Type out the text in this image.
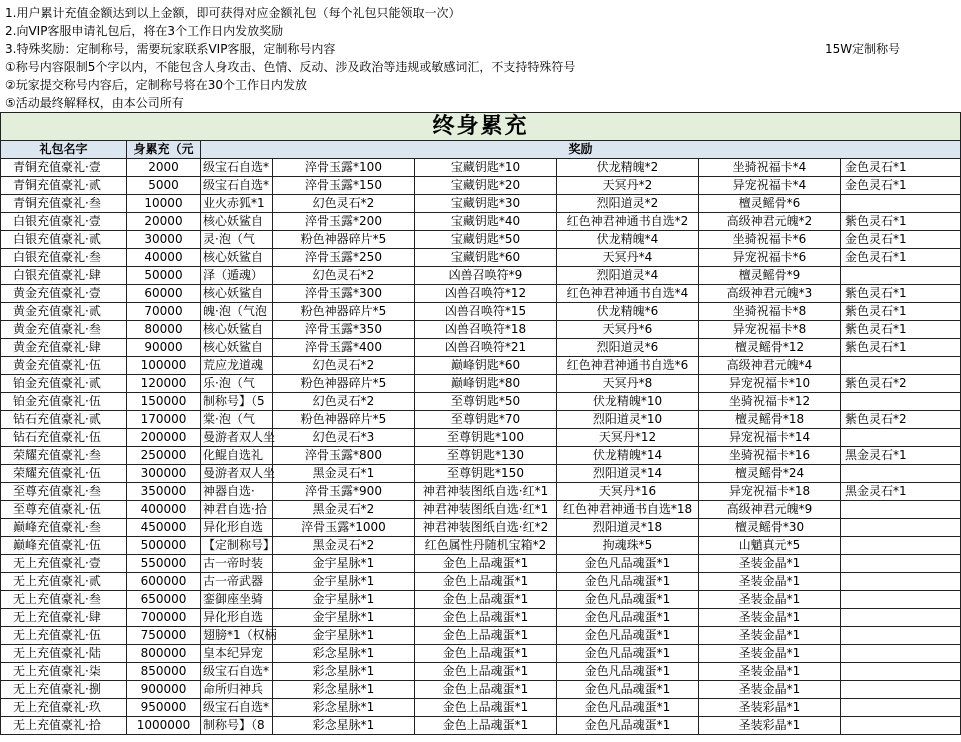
1.用户累计充值金额达到以上金额，即可获得对应金额礼包（每个礼包只能领取一次）
2.向VIP客服申请礼包后，将在3个工作日内发放奖励
3.特殊奖励：定制称号，需要玩家联系VIP客服，定制称号内容
①称号内容限制5个字以内，不能包含人身攻击、色情、反动、涉及政治等违规或敏感词汇，不支持特殊符号
②玩家提交称号内容后，定制称号将在30个工作日内发放
⑤活动最终解释权，由本公司所有
15W定制称号
终身累充							
礼包名字	身累充（元	奖励					
青铜充值豪礼·壹	2000	级宝石自选*	淬骨玉露*100	宝藏钥匙*10	伏龙精魄*2	坐骑祝福卡*4	金色灵石*1
青铜充值豪礼·贰	5000	级宝石自选*	淬骨玉露*150	宝藏钥匙*20	天冥丹*2	异宠祝福卡*4	金色灵石*1
青铜充值豪礼·叁	10000	业火赤狐*1	幻色灵石*2	宝藏钥匙*30	烈阳道灵*2	檀灵鳐骨*6	
白银充值豪礼·壹	20000	核心妖鲨自	淬骨玉露*200	宝藏钥匙*40	红色神君神通书自选*2	高级神君元魄*2	紫色灵石*1
白银充值豪礼·贰	30000	灵·泡（气	粉色神器碎片*5	宝藏钥匙*50	伏龙精魄*4	坐骑祝福卡*6	金色灵石*1
白银充值豪礼·叁	40000	核心妖鲨自	淬骨玉露*250	宝藏钥匙*60	天冥丹*4	异宠祝福卡*6	金色灵石*1
白银充值豪礼·肆	50000	泽（遁魂）	幻色灵石*2	凶兽召唤符*9	烈阳道灵*4	檀灵鳐骨*9	
黄金充值豪礼·壹	60000	核心妖鲨自	淬骨玉露*300	凶兽召唤符*12	红色神君神通书自选*4	高级神君元魄*3	紫色灵石*1
黄金充值豪礼·贰	70000	魄·泡（气泡	粉色神器碎片*5	凶兽召唤符*15	伏龙精魄*6	坐骑祝福卡*8	紫色灵石*1
黄金充值豪礼·叁	80000	核心妖鲨自	淬骨玉露*350	凶兽召唤符*18	天冥丹*6	异宠祝福卡*8	紫色灵石*1
黄金充值豪礼·肆	90000	核心妖鲨自	淬骨玉露*400	凶兽召唤符*21	烈阳道灵*6	檀灵鳐骨*12	紫色灵石*1
黄金充值豪礼·伍	100000	荒应龙道魂	幻色灵石*2	巅峰钥匙*60	红色神君神通书自选*6	高级神君元魄*4	
铂金充值豪礼·贰	120000	乐·泡（气	粉色神器碎片*5	巅峰钥匙*80	天冥丹*8	异宠祝福卡*10	紫色灵石*2
铂金充值豪礼·伍	150000	制称号】（5	幻色灵石*2	至尊钥匙*50	伏龙精魄*10	坐骑祝福卡*12	
钻石充值豪礼·贰	170000	棠·泡（气	粉色神器碎片*5	至尊钥匙*70	烈阳道灵*10	檀灵鳐骨*18	紫色灵石*2
钻石充值豪礼·伍	200000	曼游者双人坐	幻色灵石*3	至尊钥匙*100	天冥丹*12	异宠祝福卡*14	
荣耀充值豪礼·叁	250000	化鲲自选礼	淬骨玉露*800	至尊钥匙*130	伏龙精魄*14	坐骑祝福卡*16	黑金灵石*1
荣耀充值豪礼·伍	300000	曼游者双人坐	黑金灵石*1	至尊钥匙*150	烈阳道灵*14	檀灵鳐骨*24	
至尊充值豪礼·叁	350000	神器自选·	淬骨玉露*900	神君神装图纸自选·红*1	天冥丹*16	异宠祝福卡*18	黑金灵石*1
至尊充值豪礼·伍	400000	神君自选·拾	黑金灵石*2	神君神装图纸自选·红*1	红色神君神通书自选*18	高级神君元魄*9	
巅峰充值豪礼·叁	450000	异化形自选	淬骨玉露*1000	神君神装图纸自选·红*2	烈阳道灵*18	檀灵鳐骨*30	
巅峰充值豪礼·伍	500000	【定制称号】	黑金灵石*2	红色属性丹随机宝箱*2	拘魂珠*5	山魈真元*5	
无上充值豪礼·壹	550000	古一帝时装	金宇星脉*1	金色上品魂蛋*1	金色凡品魂蛋*1	圣装金晶*1	
无上充值豪礼·贰	600000	古一帝武器	金宇星脉*1	金色上品魂蛋*1	金色凡品魂蛋*1	圣装金晶*1	
无上充值豪礼·叁	650000	銮御座坐骑	金宇星脉*1	金色上品魂蛋*1	金色凡品魂蛋*1	圣装金晶*1	
无上充值豪礼·肆	700000	异化形自选	金宇星脉*1	金色上品魂蛋*1	金色凡品魂蛋*1	圣装金晶*1	
无上充值豪礼·伍	750000	翅膀*1（权柄	金宇星脉*1	金色上品魂蛋*1	金色凡品魂蛋*1	圣装金晶*1	
无上充值豪礼·陆	800000	皇本纪异宠	彩念星脉*1	金色上品魂蛋*1	金色凡品魂蛋*1	圣装金晶*1	
无上充值豪礼·柒	850000	级宝石自选*	彩念星脉*1	金色上品魂蛋*1	金色凡品魂蛋*1	圣装金晶*1	
无上充值豪礼·捌	900000	命所归神兵	彩念星脉*1	金色上品魂蛋*1	金色凡品魂蛋*1	圣装金晶*1	
无上充值豪礼·玖	950000	级宝石自选*	彩念星脉*1	金色上品魂蛋*1	金色凡品魂蛋*1	圣装彩晶*1	
无上充值豪礼·拾	1000000	制称号】（8	彩念星脉*1	金色上品魂蛋*1	金色凡品魂蛋*1	圣装彩晶*1	
